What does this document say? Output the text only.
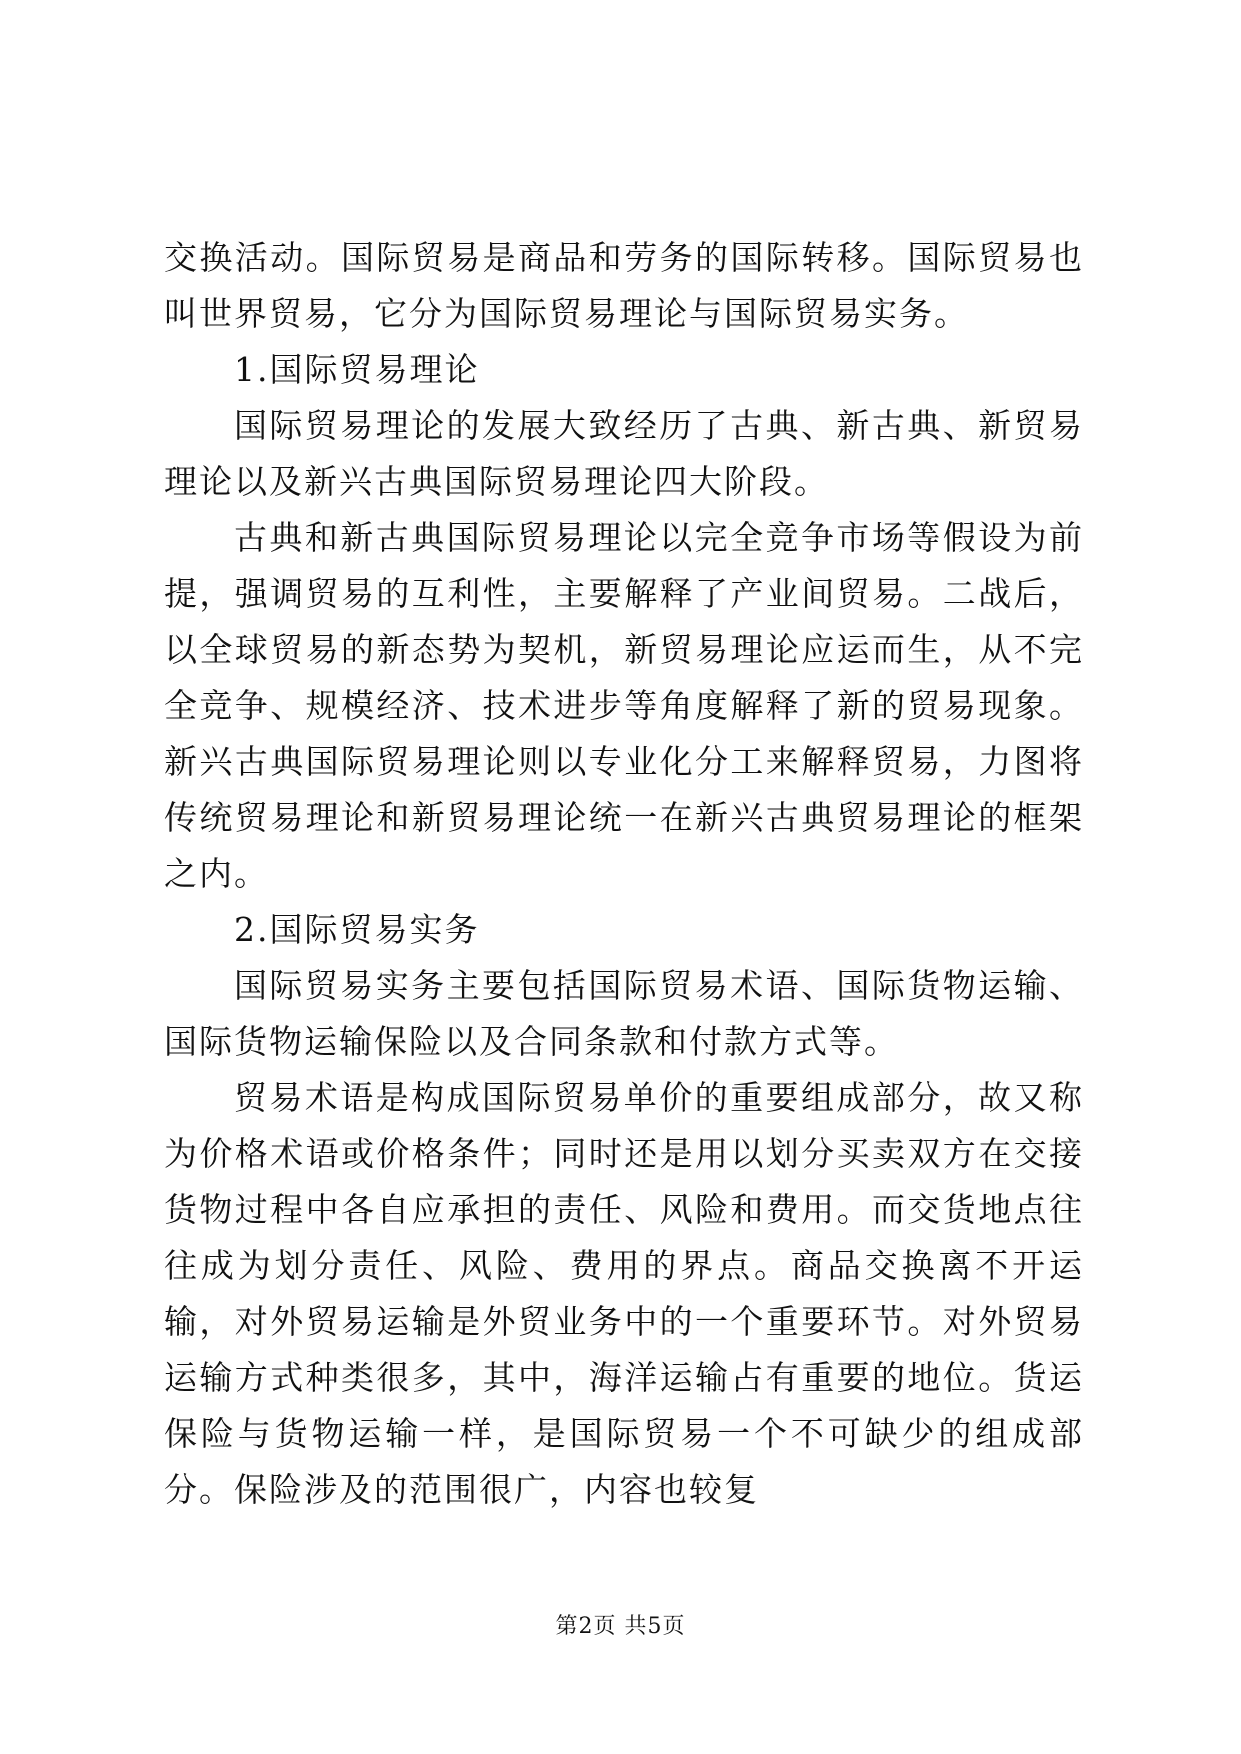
交换活动。国际贸易是商品和劳务的国际转移。国际贸易也叫世界贸易，它分为国际贸易理论与国际贸易实务。

1.国际贸易理论

国际贸易理论的发展大致经历了古典、新古典、新贸易理论以及新兴古典国际贸易理论四大阶段。

古典和新古典国际贸易理论以完全竞争市场等假设为前提，强调贸易的互利性，主要解释了产业间贸易。二战后，以全球贸易的新态势为契机，新贸易理论应运而生，从不完全竞争、规模经济、技术进步等角度解释了新的贸易现象。新兴古典国际贸易理论则以专业化分工来解释贸易，力图将传统贸易理论和新贸易理论统一在新兴古典贸易理论的框架之内。

2.国际贸易实务

国际贸易实务主要包括国际贸易术语、国际货物运输、国际货物运输保险以及合同条款和付款方式等。

贸易术语是构成国际贸易单价的重要组成部分，故又称为价格术语或价格条件；同时还是用以划分买卖双方在交接货物过程中各自应承担的责任、风险和费用。而交货地点往往成为划分责任、风险、费用的界点。商品交换离不开运输，对外贸易运输是外贸业务中的一个重要环节。对外贸易运输方式种类很多，其中，海洋运输占有重要的地位。货运保险与货物运输一样，是国际贸易一个不可缺少的组成部分。保险涉及的范围很广，内容也较复

第2页 共5页
